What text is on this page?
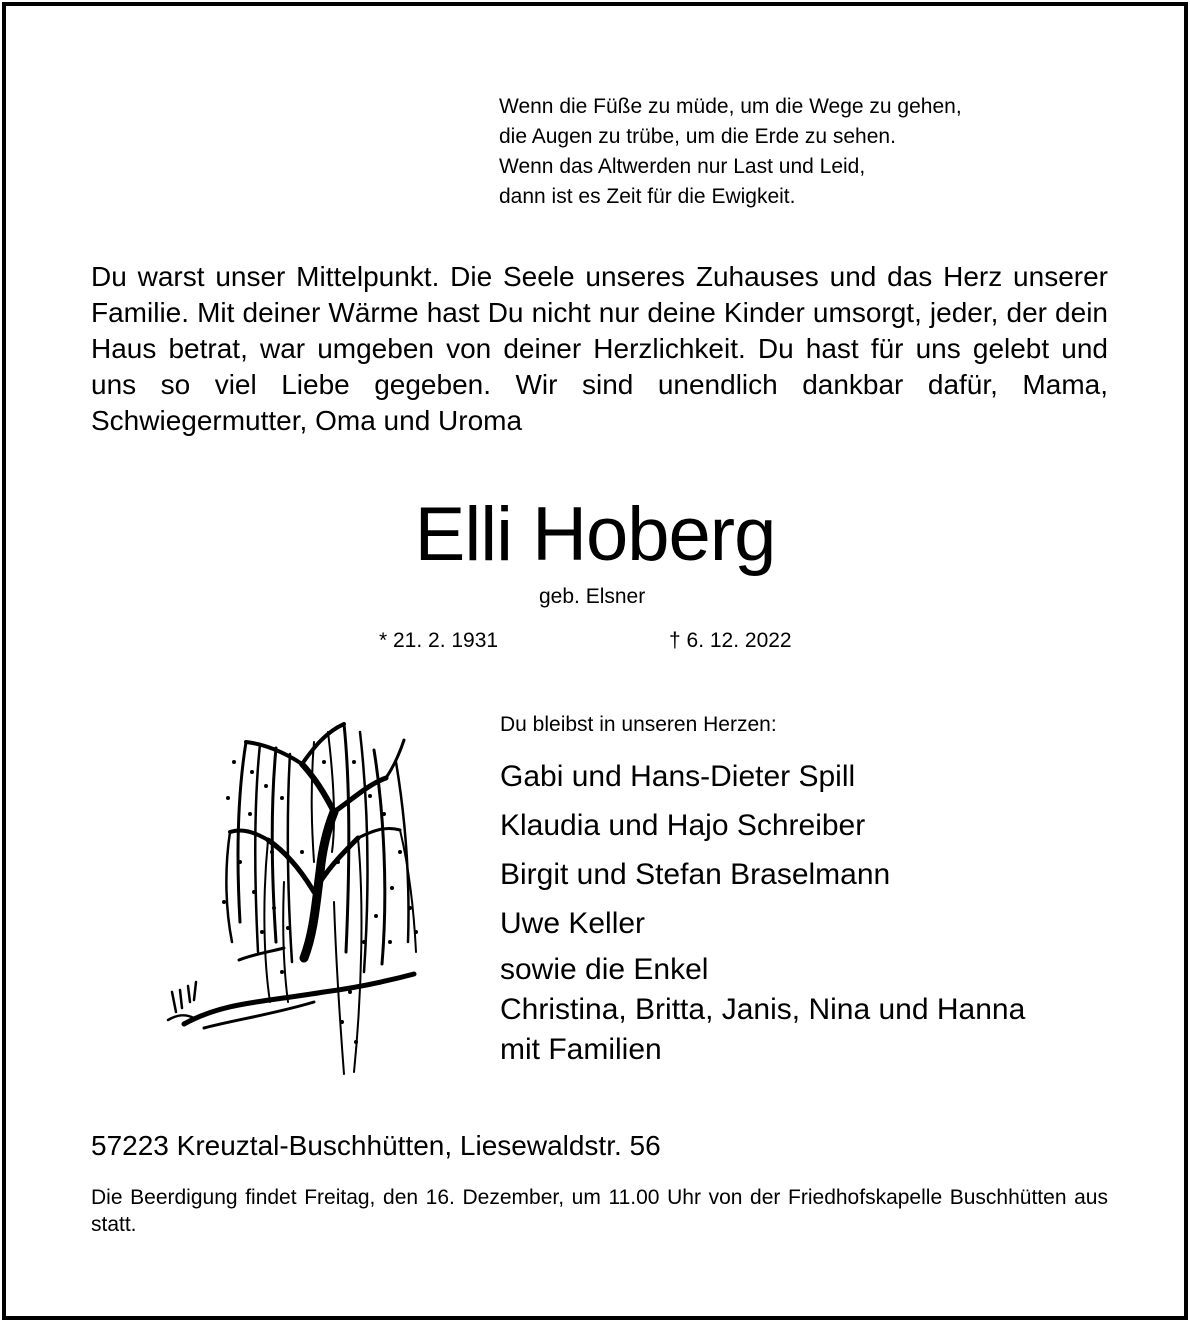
Wenn die Füße zu müde, um die Wege zu gehen,
die Augen zu trübe, um die Erde zu sehen.
Wenn das Altwerden nur Last und Leid,
dann ist es Zeit für die Ewigkeit.
Du warst unser Mittelpunkt. Die Seele unseres Zuhauses und das Herz unserer Familie. Mit deiner Wärme hast Du nicht nur deine Kinder umsorgt, jeder, der dein Haus betrat, war umgeben von deiner Herzlichkeit. Du hast für uns gelebt und uns so viel Liebe gegeben. Wir sind unendlich dankbar dafür, Mama, Schwiegermutter, Oma und Uroma
Elli Hoberg
geb. Elsner
* 21. 2. 1931	† 6. 12. 2022
Du bleibst in unseren Herzen:
Gabi und Hans-Dieter Spill
Klaudia und Hajo Schreiber
Birgit und Stefan Braselmann
Uwe Keller
sowie die Enkel
Christina, Britta, Janis, Nina und Hanna
mit Familien
57223 Kreuztal-Buschhütten, Liesewaldstr. 56
Die Beerdigung findet Freitag, den 16. Dezember, um 11.00 Uhr von der Friedhofskapelle Buschhütten aus statt.
